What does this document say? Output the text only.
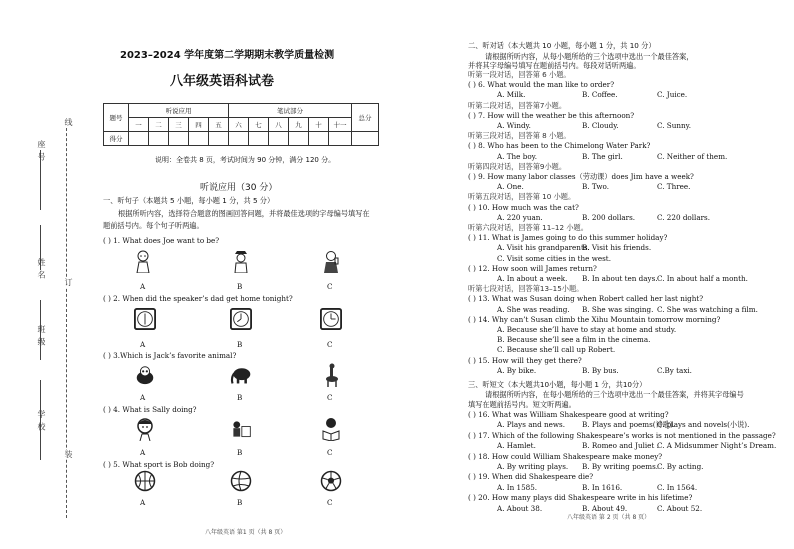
座 号
姓 名
班 级
学 校
线
订
装
2023–2024 学年度第二学期期末教学质量检测
八年级英语科试卷
题号	听说应用					笔试部分						总分
	一	二	三	四	五	六	七	八	九	十	十一	
得分												
说明：全卷共 8 页，考试时间为 90 分钟，满分 120 分。
听说应用（30 分）
一、听句子（本题共 5 小题，每小题 1 分，共 5 分）
根据所听内容，选择符合题意的图画回答问题，并将最佳选项的字母编号填写在
题前括号内。每个句子听两遍。
( ) 1. What does Joe want to be?
A	B	C
( ) 2. When did the speaker’s dad get home tonight?
A	B	C
( ) 3.Which is Jack’s favorite animal?
A	B	C
( ) 4. What is Sally doing?
A	B	C
( ) 5. What sport is Bob doing?
A	B	C
八年级英语 第1 页（共 8 页）
二、听对话（本大题共 10 小题，每小题 1 分，共 10 分）
请根据所听内容，从每小题所给的三个选项中选出一个最佳答案，
并将其字母编号填写在题前括号内。每段对话听两遍。
听第一段对话，回答第 6 小题。
( ) 6. What would the man like to order?
A. Milk.	B. Coffee.	C. Juice.
听第二段对话，回答第7小题。
( ) 7. How will the weather be this afternoon?
A. Windy.	B. Cloudy.	C. Sunny.
听第三段对话，回答第 8 小题。
( ) 8. Who has been to the Chimelong Water Park?
A. The boy.	B. The girl.	C. Neither of them.
听第四段对话，回答第9小题。
( ) 9. How many labor classes（劳动课）does Jim have a week?
A. One.	B. Two.	C. Three.
听第五段对话，回答第 10 小题。
( ) 10. How much was the cat?
A. 220 yuan.	B. 200 dollars.	C. 220 dollars.
听第六段对话，回答第 11–12 小题。
( ) 11. What is James going to do this summer holiday?
A. Visit his grandparents.
B. Visit his friends.
C. Visit some cities in the west.
( ) 12. How soon will James return?
A. In about a week. B. In about ten days. C. In about half a month.
听第七段对话，回答第13–15小题。
( ) 13. What was Susan doing when Robert called her last night?
A. She was reading. B. She was singing. C. She was watching a film.
( ) 14. Why can’t Susan climb the Xihu Mountain tomorrow morning?
A. Because she’ll have to stay at home and study.
B. Because she’ll see a film in the cinema.
C. Because she’ll call up Robert.
( ) 15. How will they get there?
A. By bike.	B. By bus.	C.By taxi.
三、听短文（本大题共10小题，每小题 1 分，共10分）
请根据所听内容，在每小题所给的三个选项中选出一个最佳答案，并将其字母编号
填写在题前括号内。短文听两遍。
( ) 16. What was William Shakespeare good at writing?
A. Plays and news. B. Plays and poems(诗歌).
C. plays and novels(小说).
( ) 17. Which of the following Shakespeare’s works is not mentioned in the passage?
A. Hamlet.	B. Romeo and Juliet .
C. A Midsummer Night’s Dream.
( ) 18. How could William Shakespeare make money?
A. By writing plays. B. By writing poems.
C. By acting.
( ) 19. When did Shakespeare die?
A. In 1585.	B. In 1616.	C. In 1564.
( ) 20. How many plays did Shakespeare write in his lifetime?
A. About 38.	B. About 49.	C. About 52.
八年级英语 第 2 页（共 8 页）
